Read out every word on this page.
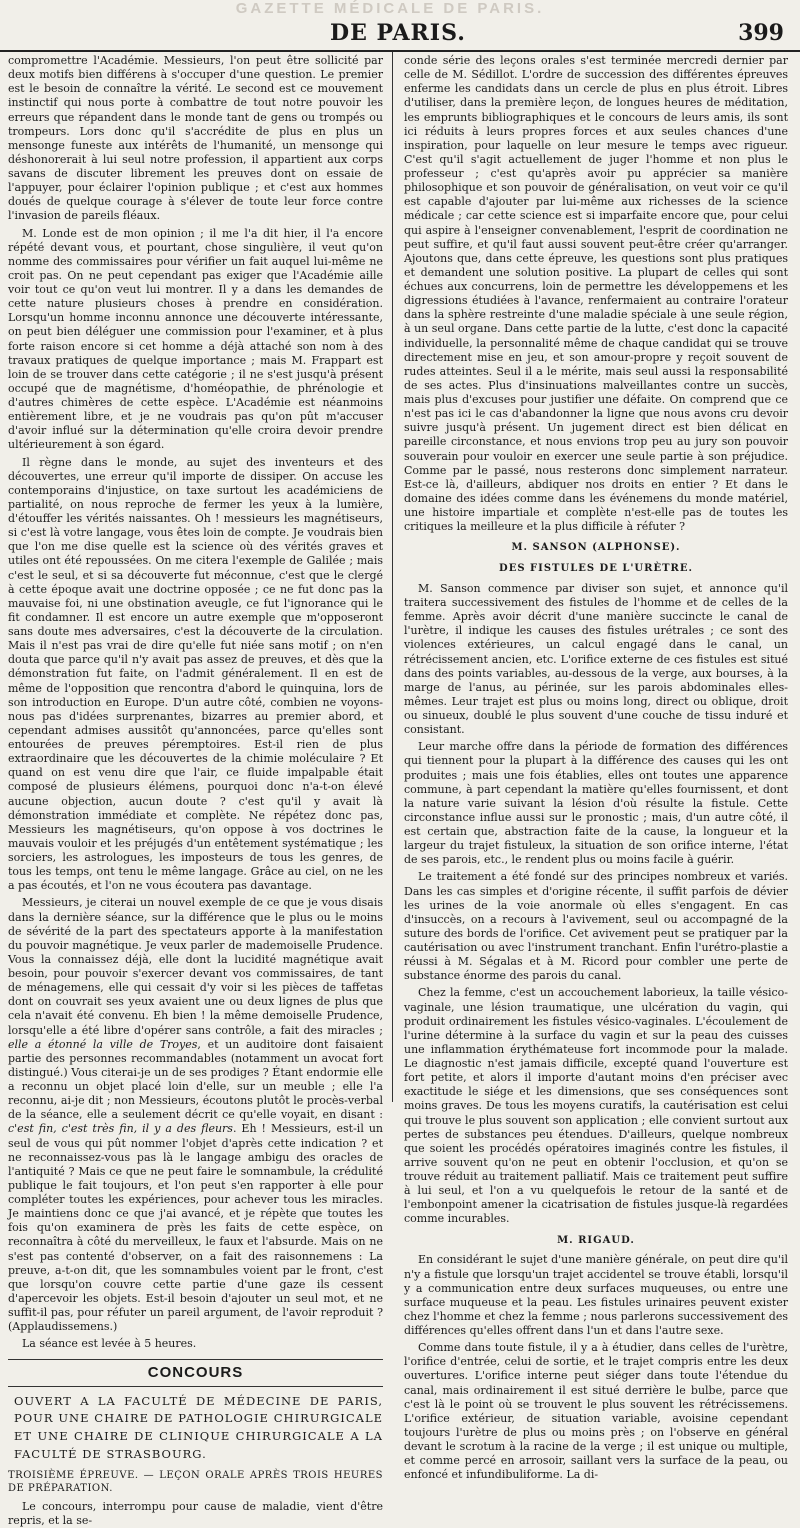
GAZETTE MÉDICALE DE PARIS.
DE PARIS.	399

compromettre l'Académie. Messieurs, l'on peut être sollicité par deux motifs bien différens à s'occuper d'une question. Le premier est le besoin de connaître la vérité. Le second est ce mouvement instinctif qui nous porte à combattre de tout notre pouvoir les erreurs que répandent dans le monde tant de gens ou trompés ou trompeurs. Lors donc qu'il s'accrédite de plus en plus un mensonge funeste aux intérêts de l'humanité, un mensonge qui déshonorerait à lui seul notre profession, il appartient aux corps savans de discuter librement les preuves dont on essaie de l'appuyer, pour éclairer l'opinion publique ; et c'est aux hommes doués de quelque courage à s'élever de toute leur force contre l'invasion de pareils fléaux.

M. Londe est de mon opinion ; il me l'a dit hier, il l'a encore répété devant vous, et pourtant, chose singulière, il veut qu'on nomme des commissaires pour vérifier un fait auquel lui-même ne croit pas. On ne peut cependant pas exiger que l'Académie aille voir tout ce qu'on veut lui montrer. Il y a dans les demandes de cette nature plusieurs choses à prendre en considération. Lorsqu'un homme inconnu annonce une découverte intéressante, on peut bien déléguer une commission pour l'examiner, et à plus forte raison encore si cet homme a déjà attaché son nom à des travaux pratiques de quelque importance ; mais M. Frappart est loin de se trouver dans cette catégorie ; il ne s'est jusqu'à présent occupé que de magnétisme, d'homéopathie, de phrénologie et d'autres chimères de cette espèce. L'Académie est néanmoins entièrement libre, et je ne voudrais pas qu'on pût m'accuser d'avoir influé sur la détermination qu'elle croira devoir prendre ultérieurement à son égard.

Il règne dans le monde, au sujet des inventeurs et des découvertes, une erreur qu'il importe de dissiper. On accuse les contemporains d'injustice, on taxe surtout les académiciens de partialité, on nous reproche de fermer les yeux à la lumière, d'étouffer les vérités naissantes. Oh ! messieurs les magnétiseurs, si c'est là votre langage, vous êtes loin de compte. Je voudrais bien que l'on me dise quelle est la science où des vérités graves et utiles ont été repoussées. On me citera l'exemple de Galilée ; mais c'est le seul, et si sa découverte fut méconnue, c'est que le clergé à cette époque avait une doctrine opposée ; ce ne fut donc pas la mauvaise foi, ni une obstination aveugle, ce fut l'ignorance qui le fit condamner. Il est encore un autre exemple que m'opposeront sans doute mes adversaires, c'est la découverte de la circulation. Mais il n'est pas vrai de dire qu'elle fut niée sans motif ; on n'en douta que parce qu'il n'y avait pas assez de preuves, et dès que la démonstration fut faite, on l'admit généralement. Il en est de même de l'opposition que rencontra d'abord le quinquina, lors de son introduction en Europe. D'un autre côté, combien ne voyons-nous pas d'idées surprenantes, bizarres au premier abord, et cependant admises aussitôt qu'annoncées, parce qu'elles sont entourées de preuves péremptoires. Est-il rien de plus extraordinaire que les découvertes de la chimie moléculaire ? Et quand on est venu dire que l'air, ce fluide impalpable était composé de plusieurs élémens, pourquoi donc n'a-t-on élevé aucune objection, aucun doute ? c'est qu'il y avait là démonstration immédiate et complète. Ne répétez donc pas, Messieurs les magnétiseurs, qu'on oppose à vos doctrines le mauvais vouloir et les préjugés d'un entêtement systématique ; les sorciers, les astrologues, les imposteurs de tous les genres, de tous les temps, ont tenu le même langage. Grâce au ciel, on ne les a pas écoutés, et l'on ne vous écoutera pas davantage.

Messieurs, je citerai un nouvel exemple de ce que je vous disais dans la dernière séance, sur la différence que le plus ou le moins de sévérité de la part des spectateurs apporte à la manifestation du pouvoir magnétique. Je veux parler de mademoiselle Prudence. Vous la connaissez déjà, elle dont la lucidité magnétique avait besoin, pour pouvoir s'exercer devant vos commissaires, de tant de ménagemens, elle qui cessait d'y voir si les pièces de taffetas dont on couvrait ses yeux avaient une ou deux lignes de plus que cela n'avait été convenu. Eh bien ! la même demoiselle Prudence, lorsqu'elle a été libre d'opérer sans contrôle, a fait des miracles ; elle a étonné la ville de Troyes, et un auditoire dont faisaient partie des personnes recommandables (notamment un avocat fort distingué.) Vous citerai-je un de ses prodiges ? Étant endormie elle a reconnu un objet placé loin d'elle, sur un meuble ; elle l'a reconnu, ai-je dit ; non Messieurs, écoutons plutôt le procès-verbal de la séance, elle a seulement décrit ce qu'elle voyait, en disant : c'est fin, c'est très fin, il y a des fleurs. Eh ! Messieurs, est-il un seul de vous qui pût nommer l'objet d'après cette indication ? et ne reconnaissez-vous pas là le langage ambigu des oracles de l'antiquité ? Mais ce que ne peut faire le somnambule, la crédulité publique le fait toujours, et l'on peut s'en rapporter à elle pour compléter toutes les expériences, pour achever tous les miracles. Je maintiens donc ce que j'ai avancé, et je répète que toutes les fois qu'on examinera de près les faits de cette espèce, on reconnaîtra à côté du merveilleux, le faux et l'absurde. Mais on ne s'est pas contenté d'observer, on a fait des raisonnemens : La preuve, a-t-on dit, que les somnambules voient par le front, c'est que lorsqu'on couvre cette partie d'une gaze ils cessent d'apercevoir les objets. Est-il besoin d'ajouter un seul mot, et ne suffit-il pas, pour réfuter un pareil argument, de l'avoir reproduit ? (Applaudissemens.)

La séance est levée à 5 heures.

CONCOURS
OUVERT A LA FACULTÉ DE MÉDECINE DE PARIS, POUR UNE CHAIRE DE PATHOLOGIE CHIRURGICALE ET UNE CHAIRE DE CLINIQUE CHIRURGICALE A LA FACULTÉ DE STRASBOURG.
TROISIÈME ÉPREUVE. — LEÇON ORALE APRÈS TROIS HEURES DE PRÉPARATION.

Le concours, interrompu pour cause de maladie, vient d'être repris, et la se-

conde série des leçons orales s'est terminée mercredi dernier par celle de M. Sédillot. L'ordre de succession des différentes épreuves enferme les candidats dans un cercle de plus en plus étroit. Libres d'utiliser, dans la première leçon, de longues heures de méditation, les emprunts bibliographiques et le concours de leurs amis, ils sont ici réduits à leurs propres forces et aux seules chances d'une inspiration, pour laquelle on leur mesure le temps avec rigueur. C'est qu'il s'agit actuellement de juger l'homme et non plus le professeur ; c'est qu'après avoir pu apprécier sa manière philosophique et son pouvoir de généralisation, on veut voir ce qu'il est capable d'ajouter par lui-même aux richesses de la science médicale ; car cette science est si imparfaite encore que, pour celui qui aspire à l'enseigner convenablement, l'esprit de coordination ne peut suffire, et qu'il faut aussi souvent peut-être créer qu'arranger. Ajoutons que, dans cette épreuve, les questions sont plus pratiques et demandent une solution positive. La plupart de celles qui sont échues aux concurrens, loin de permettre les développemens et les digressions étudiées à l'avance, renfermaient au contraire l'orateur dans la sphère restreinte d'une maladie spéciale à une seule région, à un seul organe. Dans cette partie de la lutte, c'est donc la capacité individuelle, la personnalité même de chaque candidat qui se trouve directement mise en jeu, et son amour-propre y reçoit souvent de rudes atteintes. Seul il a le mérite, mais seul aussi la responsabilité de ses actes. Plus d'insinuations malveillantes contre un succès, mais plus d'excuses pour justifier une défaite. On comprend que ce n'est pas ici le cas d'abandonner la ligne que nous avons cru devoir suivre jusqu'à présent. Un jugement direct est bien délicat en pareille circonstance, et nous envions trop peu au jury son pouvoir souverain pour vouloir en exercer une seule partie à son préjudice. Comme par le passé, nous resterons donc simplement narrateur. Est-ce là, d'ailleurs, abdiquer nos droits en entier ? Et dans le domaine des idées comme dans les événemens du monde matériel, une histoire impartiale et complète n'est-elle pas de toutes les critiques la meilleure et la plus difficile à réfuter ?

M. SANSON (ALPHONSE).
DES FISTULES DE L'URÈTRE.

M. Sanson commence par diviser son sujet, et annonce qu'il traitera successivement des fistules de l'homme et de celles de la femme. Après avoir décrit d'une manière succincte le canal de l'urètre, il indique les causes des fistules urétrales ; ce sont des violences extérieures, un calcul engagé dans le canal, un rétrécissement ancien, etc. L'orifice externe de ces fistules est situé dans des points variables, au-dessous de la verge, aux bourses, à la marge de l'anus, au périnée, sur les parois abdominales elles-mêmes. Leur trajet est plus ou moins long, direct ou oblique, droit ou sinueux, doublé le plus souvent d'une couche de tissu induré et consistant.

Leur marche offre dans la période de formation des différences qui tiennent pour la plupart à la différence des causes qui les ont produites ; mais une fois établies, elles ont toutes une apparence commune, à part cependant la matière qu'elles fournissent, et dont la nature varie suivant la lésion d'où résulte la fistule. Cette circonstance influe aussi sur le pronostic ; mais, d'un autre côté, il est certain que, abstraction faite de la cause, la longueur et la largeur du trajet fistuleux, la situation de son orifice interne, l'état de ses parois, etc., le rendent plus ou moins facile à guérir.

Le traitement a été fondé sur des principes nombreux et variés. Dans les cas simples et d'origine récente, il suffit parfois de dévier les urines de la voie anormale où elles s'engagent. En cas d'insuccès, on a recours à l'avivement, seul ou accompagné de la suture des bords de l'orifice. Cet avivement peut se pratiquer par la cautérisation ou avec l'instrument tranchant. Enfin l'urétro-plastie a réussi à M. Ségalas et à M. Ricord pour combler une perte de substance énorme des parois du canal.

Chez la femme, c'est un accouchement laborieux, la taille vésico-vaginale, une lésion traumatique, une ulcération du vagin, qui produit ordinairement les fistules vésico-vaginales. L'écoulement de l'urine détermine à la surface du vagin et sur la peau des cuisses une inflammation érythémateuse fort incommode pour la malade. Le diagnostic n'est jamais difficile, excepté quand l'ouverture est fort petite, et alors il importe d'autant moins d'en préciser avec exactitude le siége et les dimensions, que ses conséquences sont moins graves. De tous les moyens curatifs, la cautérisation est celui qui trouve le plus souvent son application ; elle convient surtout aux pertes de substances peu étendues. D'ailleurs, quelque nombreux que soient les procédés opératoires imaginés contre les fistules, il arrive souvent qu'on ne peut en obtenir l'occlusion, et qu'on se trouve réduit au traitement palliatif. Mais ce traitement peut suffire à lui seul, et l'on a vu quelquefois le retour de la santé et de l'embonpoint amener la cicatrisation de fistules jusque-là regardées comme incurables.

M. RIGAUD.

En considérant le sujet d'une manière générale, on peut dire qu'il n'y a fistule que lorsqu'un trajet accidentel se trouve établi, lorsqu'il y a communication entre deux surfaces muqueuses, ou entre une surface muqueuse et la peau. Les fistules urinaires peuvent exister chez l'homme et chez la femme ; nous parlerons successivement des différences qu'elles offrent dans l'un et dans l'autre sexe.

Comme dans toute fistule, il y a à étudier, dans celles de l'urètre, l'orifice d'entrée, celui de sortie, et le trajet compris entre les deux ouvertures. L'orifice interne peut siéger dans toute l'étendue du canal, mais ordinairement il est situé derrière le bulbe, parce que c'est là le point où se trouvent le plus souvent les rétrécissemens. L'orifice extérieur, de situation variable, avoisine cependant toujours l'urètre de plus ou moins près ; on l'observe en général devant le scrotum à la racine de la verge ; il est unique ou multiple, et comme percé en arrosoir, saillant vers la surface de la peau, ou enfoncé et infundibuliforme. La di-
